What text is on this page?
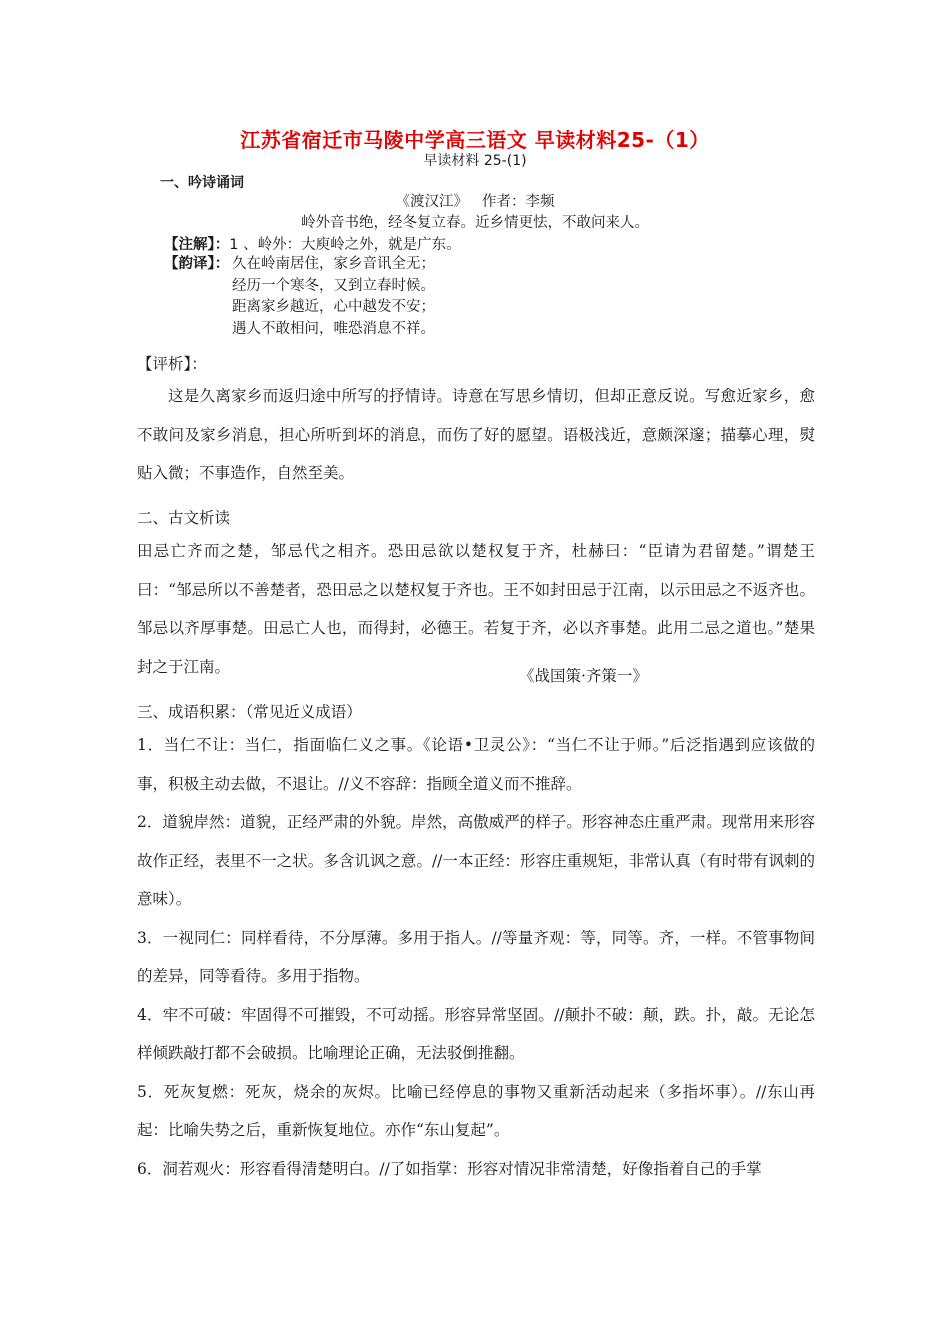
江苏省宿迁市马陵中学高三语文 早读材料25-（1）
早读材料 25-(1)
一、吟诗诵词
《渡汉江》 作者：李频
岭外音书绝，经冬复立春。近乡情更怯，不敢问来人。
【注解】：1 、岭外：大庾岭之外，就是广东。
【韵译】： 久在岭南居住，家乡音讯全无；
经历一个寒冬，又到立春时候。
距离家乡越近，心中越发不安；
遇人不敢相问，唯恐消息不祥。
【评析】：

这是久离家乡而返归途中所写的抒情诗。诗意在写思乡情切，但却正意反说。写愈近家乡，愈不敢问及家乡消息，担心所听到坏的消息，而伤了好的愿望。语极浅近，意颇深邃；描摹心理，熨贴入微；不事造作，自然至美。

二、古文析读

田忌亡齐而之楚，邹忌代之相齐。恐田忌欲以楚权复于齐，杜赫曰：“臣请为君留楚。”谓楚王曰：“邹忌所以不善楚者，恐田忌之以楚权复于齐也。王不如封田忌于江南，以示田忌之不返齐也。邹忌以齐厚事楚。田忌亡人也，而得封，必德王。若复于齐，必以齐事楚。此用二忌之道也。”楚果封之于江南。

《战国策·齐策一》
三、成语积累：（常见近义成语）

1．当仁不让：当仁，指面临仁义之事。《论语•卫灵公》：“当仁不让于师。”后泛指遇到应该做的事，积极主动去做，不退让。//义不容辞：指顾全道义而不推辞。

2．道貌岸然：道貌，正经严肃的外貌。岸然，高傲威严的样子。形容神态庄重严肃。现常用来形容故作正经，表里不一之状。多含讥讽之意。//一本正经：形容庄重规矩，非常认真（有时带有讽刺的意味）。

3．一视同仁：同样看待，不分厚薄。多用于指人。//等量齐观：等，同等。齐，一样。不管事物间的差异，同等看待。多用于指物。

4．牢不可破：牢固得不可摧毁，不可动摇。形容异常坚固。//颠扑不破：颠，跌。扑，敲。无论怎样倾跌敲打都不会破损。比喻理论正确，无法驳倒推翻。

5．死灰复燃：死灰，烧余的灰烬。比喻已经停息的事物又重新活动起来（多指坏事）。//东山再起：比喻失势之后，重新恢复地位。亦作“东山复起”。

6．洞若观火：形容看得清楚明白。//了如指掌：形容对情况非常清楚，好像指着自己的手掌
